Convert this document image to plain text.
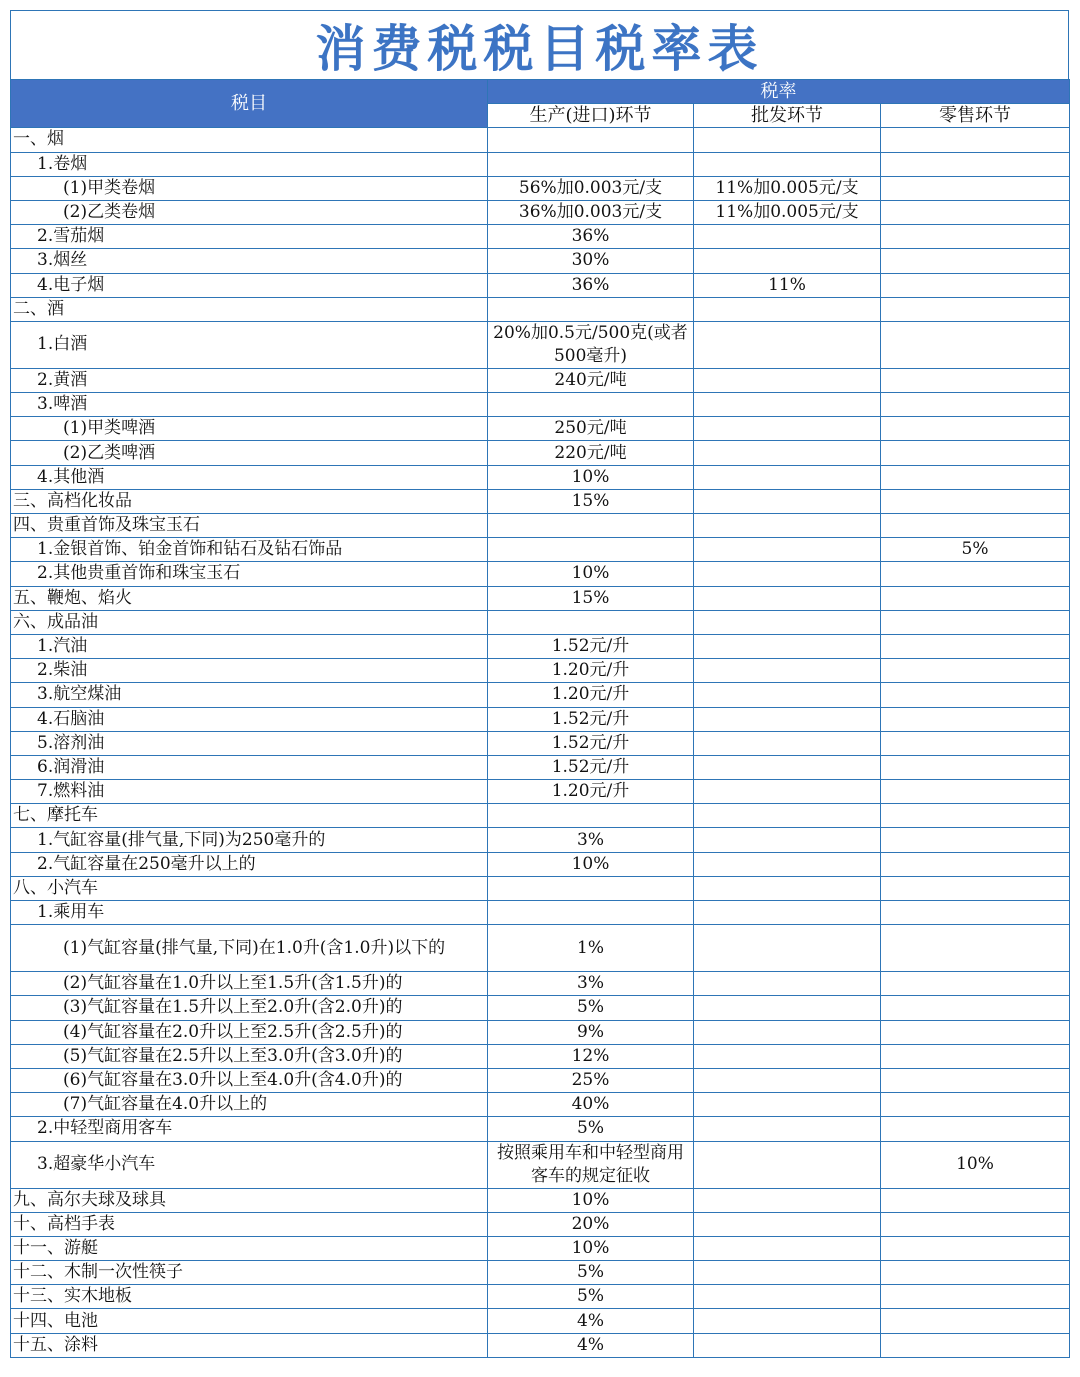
消费税税目税率表
税目	税率		
	生产(进口)环节	批发环节	零售环节
一、烟			
1.卷烟			
(1)甲类卷烟	56%加0.003元/支	11%加0.005元/支	
(2)乙类卷烟	36%加0.003元/支	11%加0.005元/支	
2.雪茄烟	36%		
3.烟丝	30%		
4.电子烟	36%	11%	
二、酒			
1.白酒	20%加0.5元/500克(或者500毫升)		
2.黄酒	240元/吨		
3.啤酒			
(1)甲类啤酒	250元/吨		
(2)乙类啤酒	220元/吨		
4.其他酒	10%		
三、高档化妆品	15%		
四、贵重首饰及珠宝玉石			
1.金银首饰、铂金首饰和钻石及钻石饰品			5%
2.其他贵重首饰和珠宝玉石	10%		
五、鞭炮、焰火	15%		
六、成品油			
1.汽油	1.52元/升		
2.柴油	1.20元/升		
3.航空煤油	1.20元/升		
4.石脑油	1.52元/升		
5.溶剂油	1.52元/升		
6.润滑油	1.52元/升		
7.燃料油	1.20元/升		
七、摩托车			
1.气缸容量(排气量,下同)为250毫升的	3%		
2.气缸容量在250毫升以上的	10%		
八、小汽车			
1.乘用车			
(1)气缸容量(排气量,下同)在1.0升(含1.0升)以下的	1%		
(2)气缸容量在1.0升以上至1.5升(含1.5升)的	3%		
(3)气缸容量在1.5升以上至2.0升(含2.0升)的	5%		
(4)气缸容量在2.0升以上至2.5升(含2.5升)的	9%		
(5)气缸容量在2.5升以上至3.0升(含3.0升)的	12%		
(6)气缸容量在3.0升以上至4.0升(含4.0升)的	25%		
(7)气缸容量在4.0升以上的	40%		
2.中轻型商用客车	5%		
3.超豪华小汽车	按照乘用车和中轻型商用客车的规定征收		10%
九、高尔夫球及球具	10%		
十、高档手表	20%		
十一、游艇	10%		
十二、木制一次性筷子	5%		
十三、实木地板	5%		
十四、电池	4%		
十五、涂料	4%		
